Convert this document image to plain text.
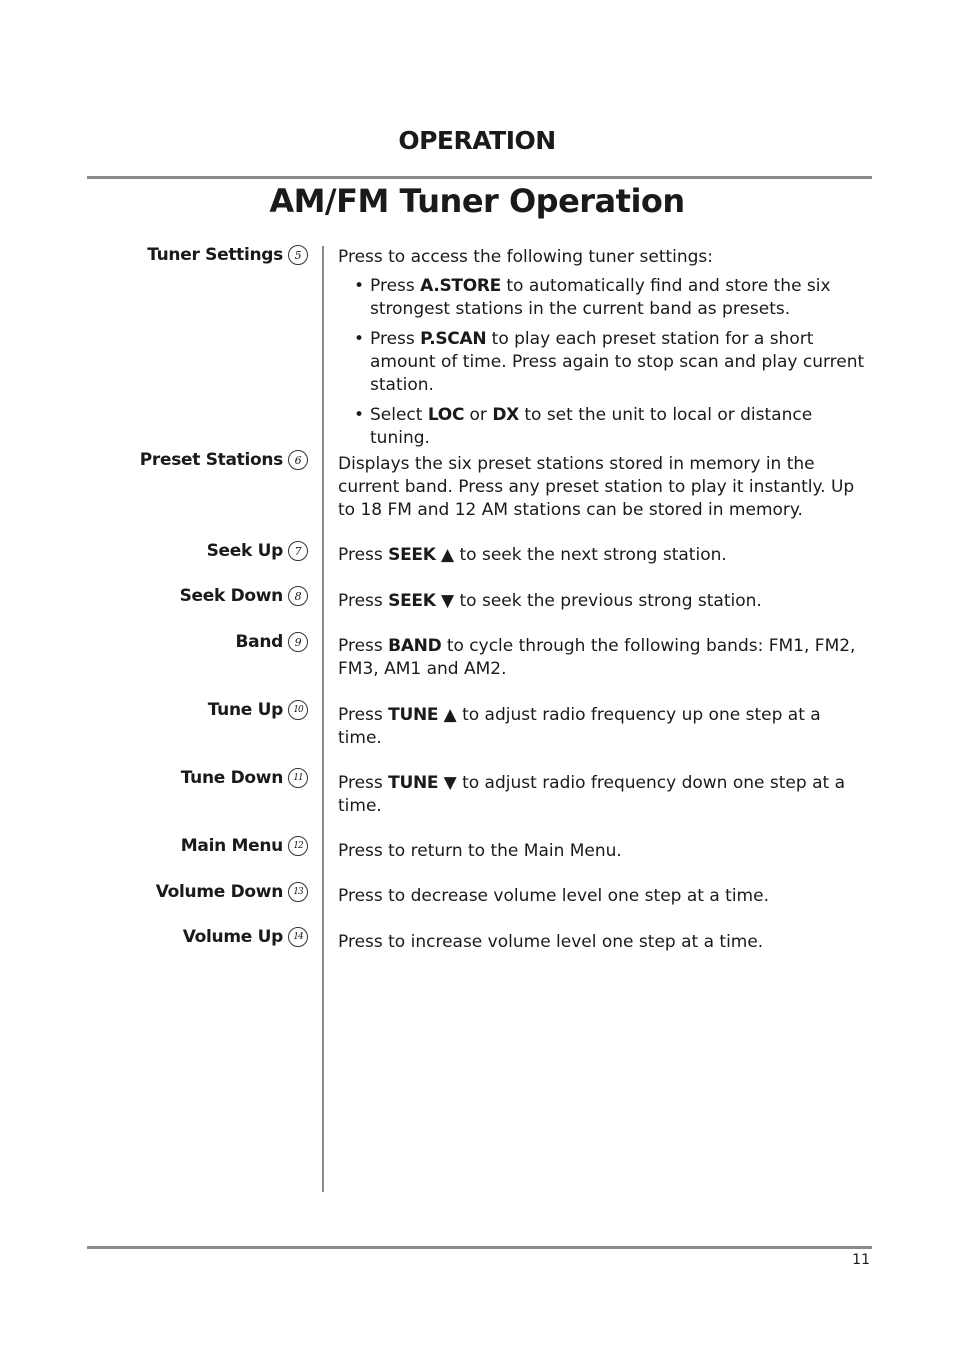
OPERATION
AM/FM Tuner Operation
Tuner Settings	5	Press to access the following tuner settings:
• Press A.STORE to automatically find and store the six strongest stations in the current band as presets.
• Press P.SCAN to play each preset station for a short amount of time. Press again to stop scan and play current station.
• Select LOC or DX to set the unit to local or distance tuning.
Preset Stations	6	Displays the six preset stations stored in memory in the current band. Press any preset station to play it instantly. Up to 18 FM and 12 AM stations can be stored in memory.
Seek Up	7	Press SEEK ▲ to seek the next strong station.
Seek Down	8	Press SEEK ▼ to seek the previous strong station.
Band	9	Press BAND to cycle through the following bands: FM1, FM2, FM3, AM1 and AM2.
Tune Up	10	Press TUNE ▲ to adjust radio frequency up one step at a time.
Tune Down	11	Press TUNE ▼ to adjust radio frequency down one step at a time.
Main Menu	12	Press to return to the Main Menu.
Volume Down	13	Press to decrease volume level one step at a time.
Volume Up	14	Press to increase volume level one step at a time.
11
